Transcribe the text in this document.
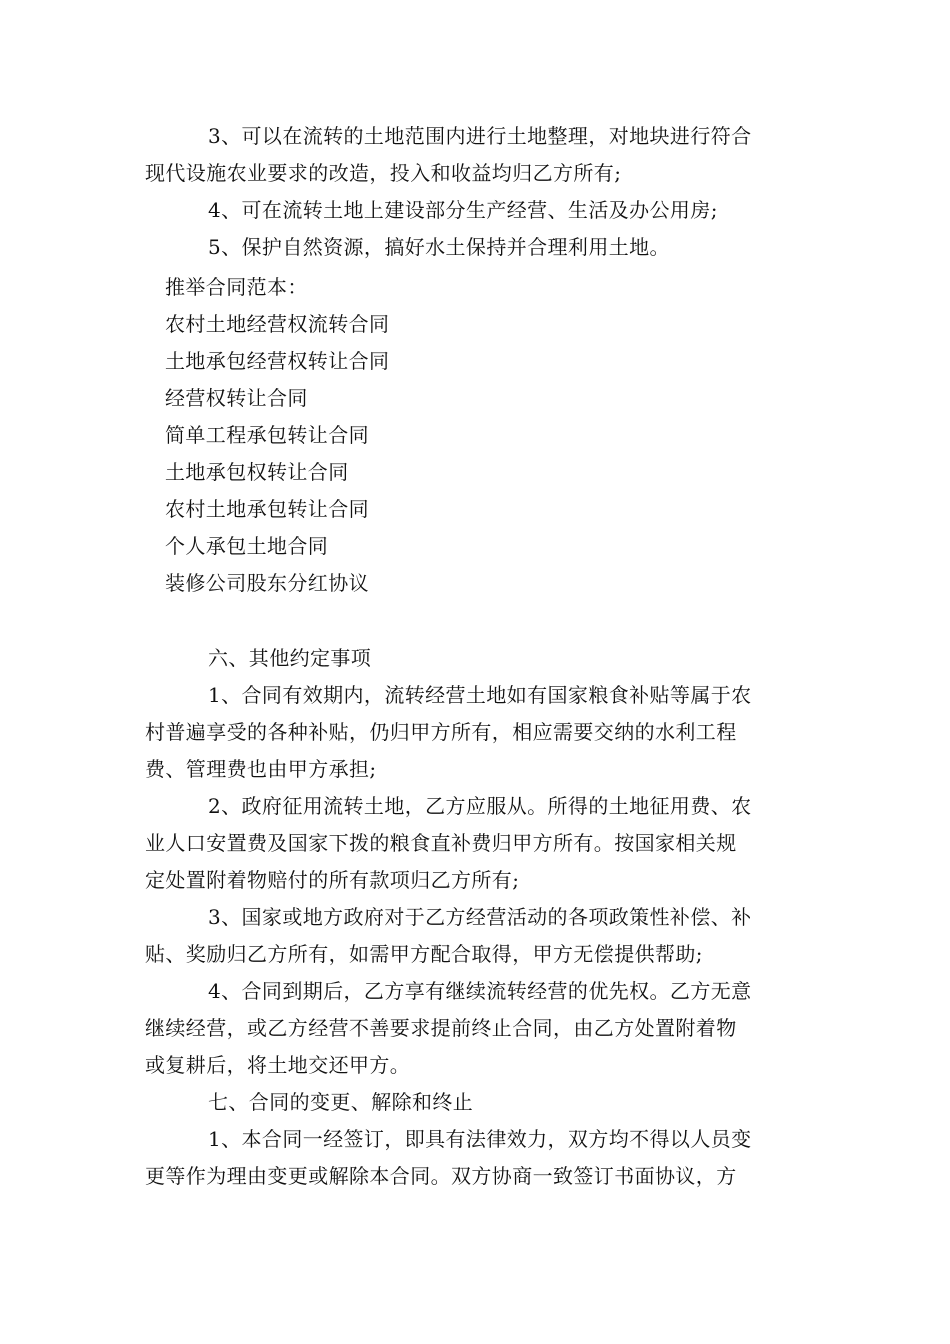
3、可以在流转的土地范围内进行土地整理，对地块进行符合
现代设施农业要求的改造，投入和收益均归乙方所有;
4、可在流转土地上建设部分生产经营、生活及办公用房;
5、保护自然资源，搞好水土保持并合理利用土地。
推举合同范本：
农村土地经营权流转合同
土地承包经营权转让合同
经营权转让合同
简单工程承包转让合同
土地承包权转让合同
农村土地承包转让合同
个人承包土地合同
装修公司股东分红协议
六、其他约定事项
1、合同有效期内，流转经营土地如有国家粮食补贴等属于农
村普遍享受的各种补贴，仍归甲方所有，相应需要交纳的水利工程
费、管理费也由甲方承担;
2、政府征用流转土地，乙方应服从。所得的土地征用费、农
业人口安置费及国家下拨的粮食直补费归甲方所有。按国家相关规
定处置附着物赔付的所有款项归乙方所有;
3、国家或地方政府对于乙方经营活动的各项政策性补偿、补
贴、奖励归乙方所有，如需甲方配合取得，甲方无偿提供帮助;
4、合同到期后，乙方享有继续流转经营的优先权。乙方无意
继续经营，或乙方经营不善要求提前终止合同，由乙方处置附着物
或复耕后，将土地交还甲方。
七、合同的变更、解除和终止
1、本合同一经签订，即具有法律效力，双方均不得以人员变
更等作为理由变更或解除本合同。双方协商一致签订书面协议，方
